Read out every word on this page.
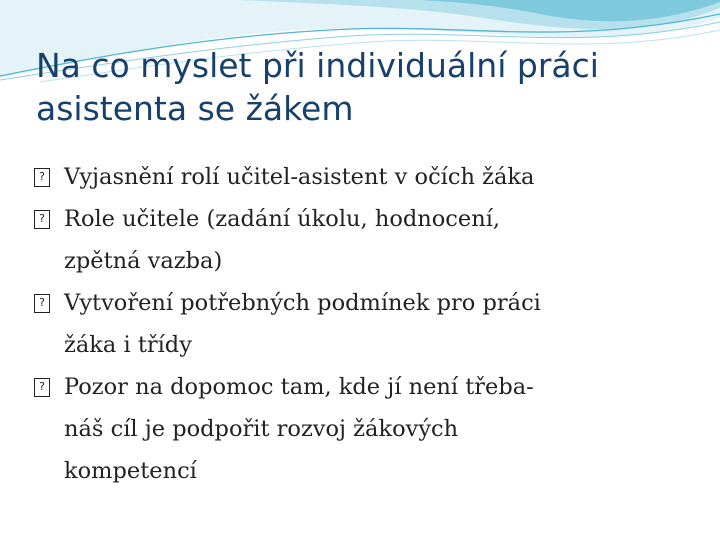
Na co myslet při individuální práci
asistenta se žákem
? Vyjasnění rolí učitel-asistent v očích žáka
? Role učitele (zadání úkolu, hodnocení,
zpětná vazba)
? Vytvoření potřebných podmínek pro práci
žáka i třídy
? Pozor na dopomoc tam, kde jí není třeba-
náš cíl je podpořit rozvoj žákových
kompetencí
